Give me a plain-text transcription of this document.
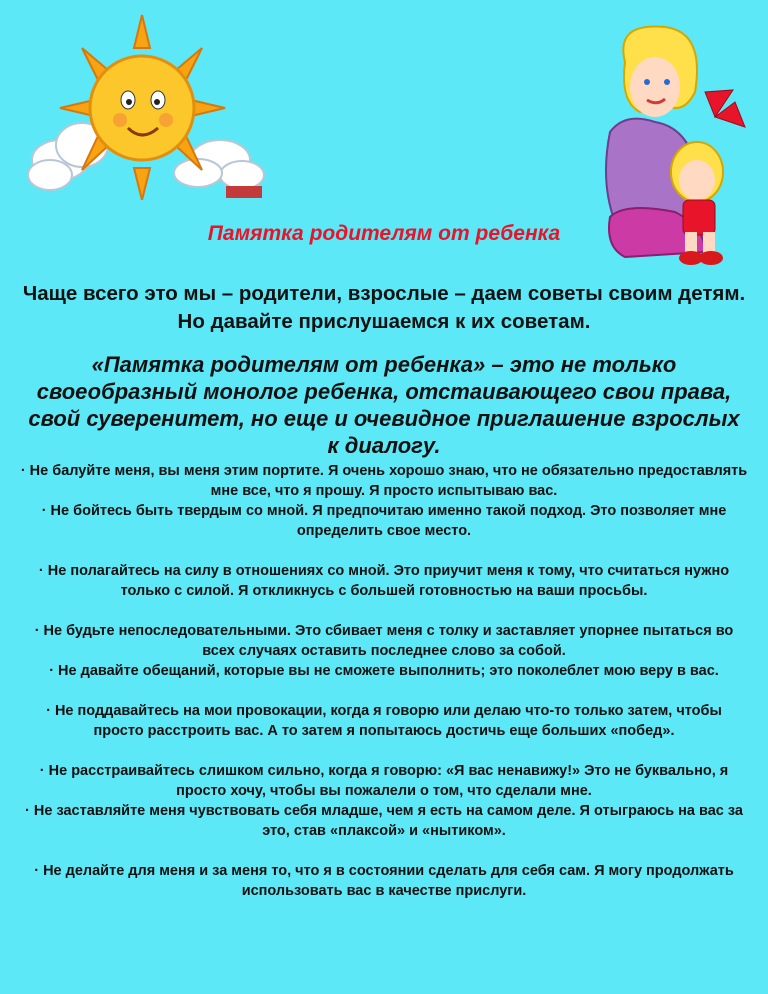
Памятка родителям от ребенка
Чаще всего это мы – родители, взрослые – даем советы своим детям. Но давайте прислушаемся к их советам.
«Памятка родителям от ребенка» – это не только своеобразный монолог ребенка, отстаивающего свои права, свой суверенитет, но еще и очевидное приглашение взрослых к диалогу.

· Не балуйте меня, вы меня этим портите. Я очень хорошо знаю, что не обязательно предоставлять мне все, что я прошу. Я просто испытываю вас.

· Не бойтесь быть твердым со мной. Я предпочитаю именно такой подход. Это позволяет мне определить свое место.

· Не полагайтесь на силу в отношениях со мной. Это приучит меня к тому, что считаться нужно только с силой. Я откликнусь с большей готовностью на ваши просьбы.

· Не будьте непоследовательными. Это сбивает меня с толку и заставляет упорнее пытаться во всех случаях оставить последнее слово за собой.

· Не давайте обещаний, которые вы не сможете выполнить; это поколеблет мою веру в вас.

· Не поддавайтесь на мои провокации, когда я говорю или делаю что-то только затем, чтобы просто расстроить вас. А то затем я попытаюсь достичь еще больших «побед».

· Не расстраивайтесь слишком сильно, когда я говорю: «Я вас ненавижу!» Это не буквально, я просто хочу, чтобы вы пожалели о том, что сделали мне.

· Не заставляйте меня чувствовать себя младше, чем я есть на самом деле. Я отыграюсь на вас за это, став «плаксой» и «нытиком».

· Не делайте для меня и за меня то, что я в состоянии сделать для себя сам. Я могу продолжать использовать вас в качестве прислуги.
